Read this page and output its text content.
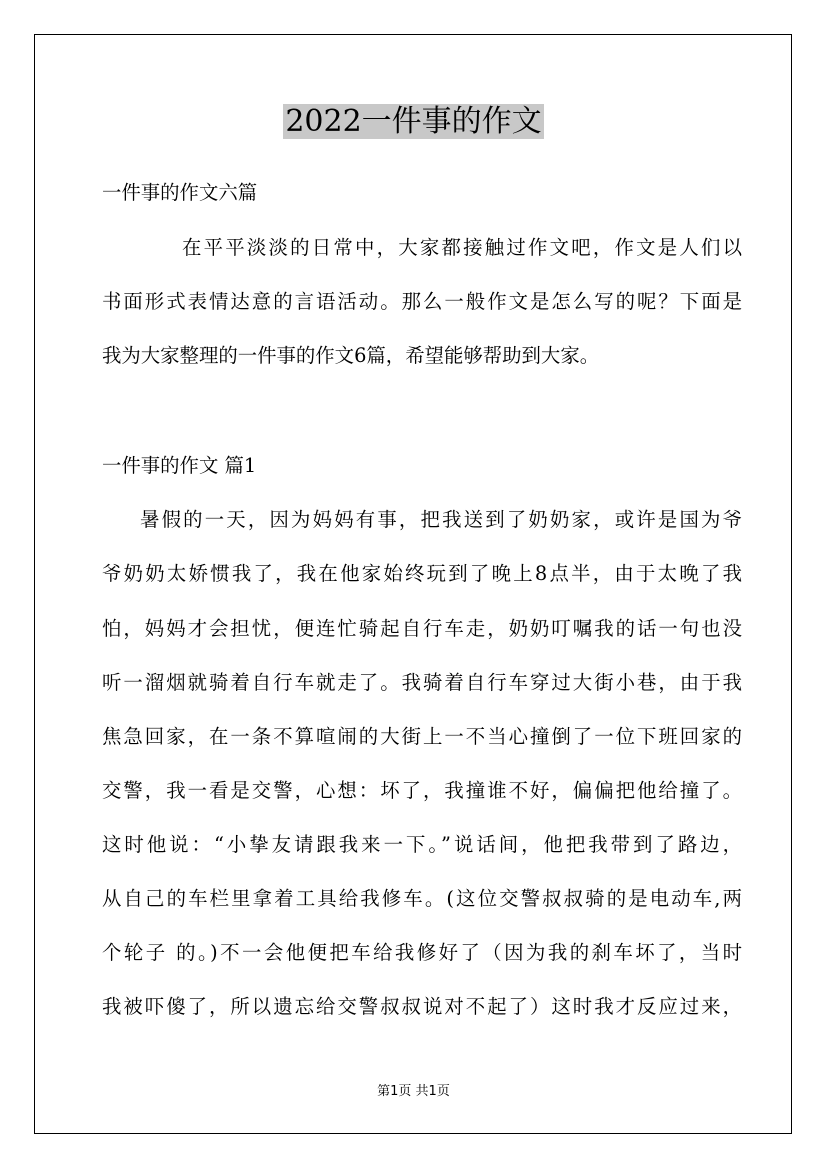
2022一件事的作文
一件事的作文六篇
在平平淡淡的日常中，大家都接触过作文吧，作文是人们以
书面形式表情达意的言语活动。那么一般作文是怎么写的呢？下面是
我为大家整理的一件事的作文6篇，希望能够帮助到大家。
一件事的作文 篇1
暑假的一天，因为妈妈有事，把我送到了奶奶家，或许是国为爷
爷奶奶太娇惯我了，我在他家始终玩到了晚上8点半，由于太晚了我
怕，妈妈才会担忧，便连忙骑起自行车走，奶奶叮嘱我的话一句也没
听一溜烟就骑着自行车就走了。我骑着自行车穿过大街小巷，由于我
焦急回家，在一条不算喧闹的大街上一不当心撞倒了一位下班回家的
交警，我一看是交警，心想：坏了，我撞谁不好，偏偏把他给撞了。
这时他说：“小挚友请跟我来一下。”说话间，他把我带到了路边，
从自己的车栏里拿着工具给我修车。(这位交警叔叔骑的是电动车,两
个轮子 的。)不一会他便把车给我修好了（因为我的刹车坏了，当时
我被吓傻了，所以遗忘给交警叔叔说对不起了）这时我才反应过来，
第1页 共1页
